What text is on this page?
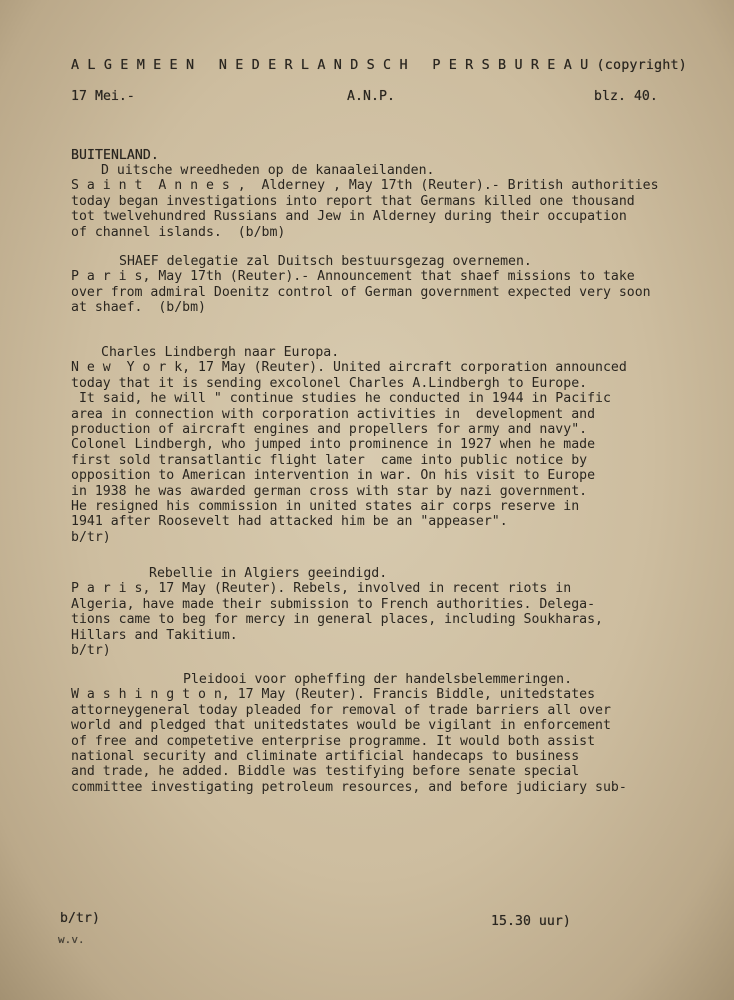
A L G E M E E N   N E D E R L A N D S C H   P E R S B U R E A U (copyright)

17 Mei.-	A.N.P.	blz. 40.

BUITENLAND.

D uitsche wreedheden op de kanaaleilanden.
S a i n t  A n n e s ,  Alderney , May 17th (Reuter).- British authorities
today began investigations into report that Germans killed one thousand
tot twelvehundred Russians and Jew in Alderney during their occupation
of channel islands.  (b/bm)
SHAEF delegatie zal Duitsch bestuursgezag overnemen.
P a r i s, May 17th (Reuter).- Announcement that shaef missions to take
over from admiral Doenitz control of German government expected very soon
at shaef.  (b/bm)
Charles Lindbergh naar Europa.
N e w  Y o r k, 17 May (Reuter). United aircraft corporation announced
today that it is sending excolonel Charles A.Lindbergh to Europe.
It said, he will " continue studies he conducted in 1944 in Pacific
area in connection with corporation activities in  development and
production of aircraft engines and propellers for army and navy".
Colonel Lindbergh, who jumped into prominence in 1927 when he made
first sold transatlantic flight later  came into public notice by
opposition to American intervention in war. On his visit to Europe
in 1938 he was awarded german cross with star by nazi government.
He resigned his commission in united states air corps reserve in
1941 after Roosevelt had attacked him be an "appeaser".
b/tr)
Rebellie in Algiers geeindigd.
P a r i s, 17 May (Reuter). Rebels, involved in recent riots in
Algeria, have made their submission to French authorities. Delega-
tions came to beg for mercy in general places, including Soukharas,
Hillars and Takitium.
b/tr)
Pleidooi voor opheffing der handelsbelemmeringen.
W a s h i n g t o n, 17 May (Reuter). Francis Biddle, unitedstates
attorneygeneral today pleaded for removal of trade barriers all over
world and pledged that unitedstates would be vigilant in enforcement
of free and competetive enterprise programme. It would both assist
national security and climinate artificial handecaps to business
and trade, he added. Biddle was testifying before senate special
committee investigating petroleum resources, and before judiciary sub-

b/tr)

w.v.

15.30 uur)
